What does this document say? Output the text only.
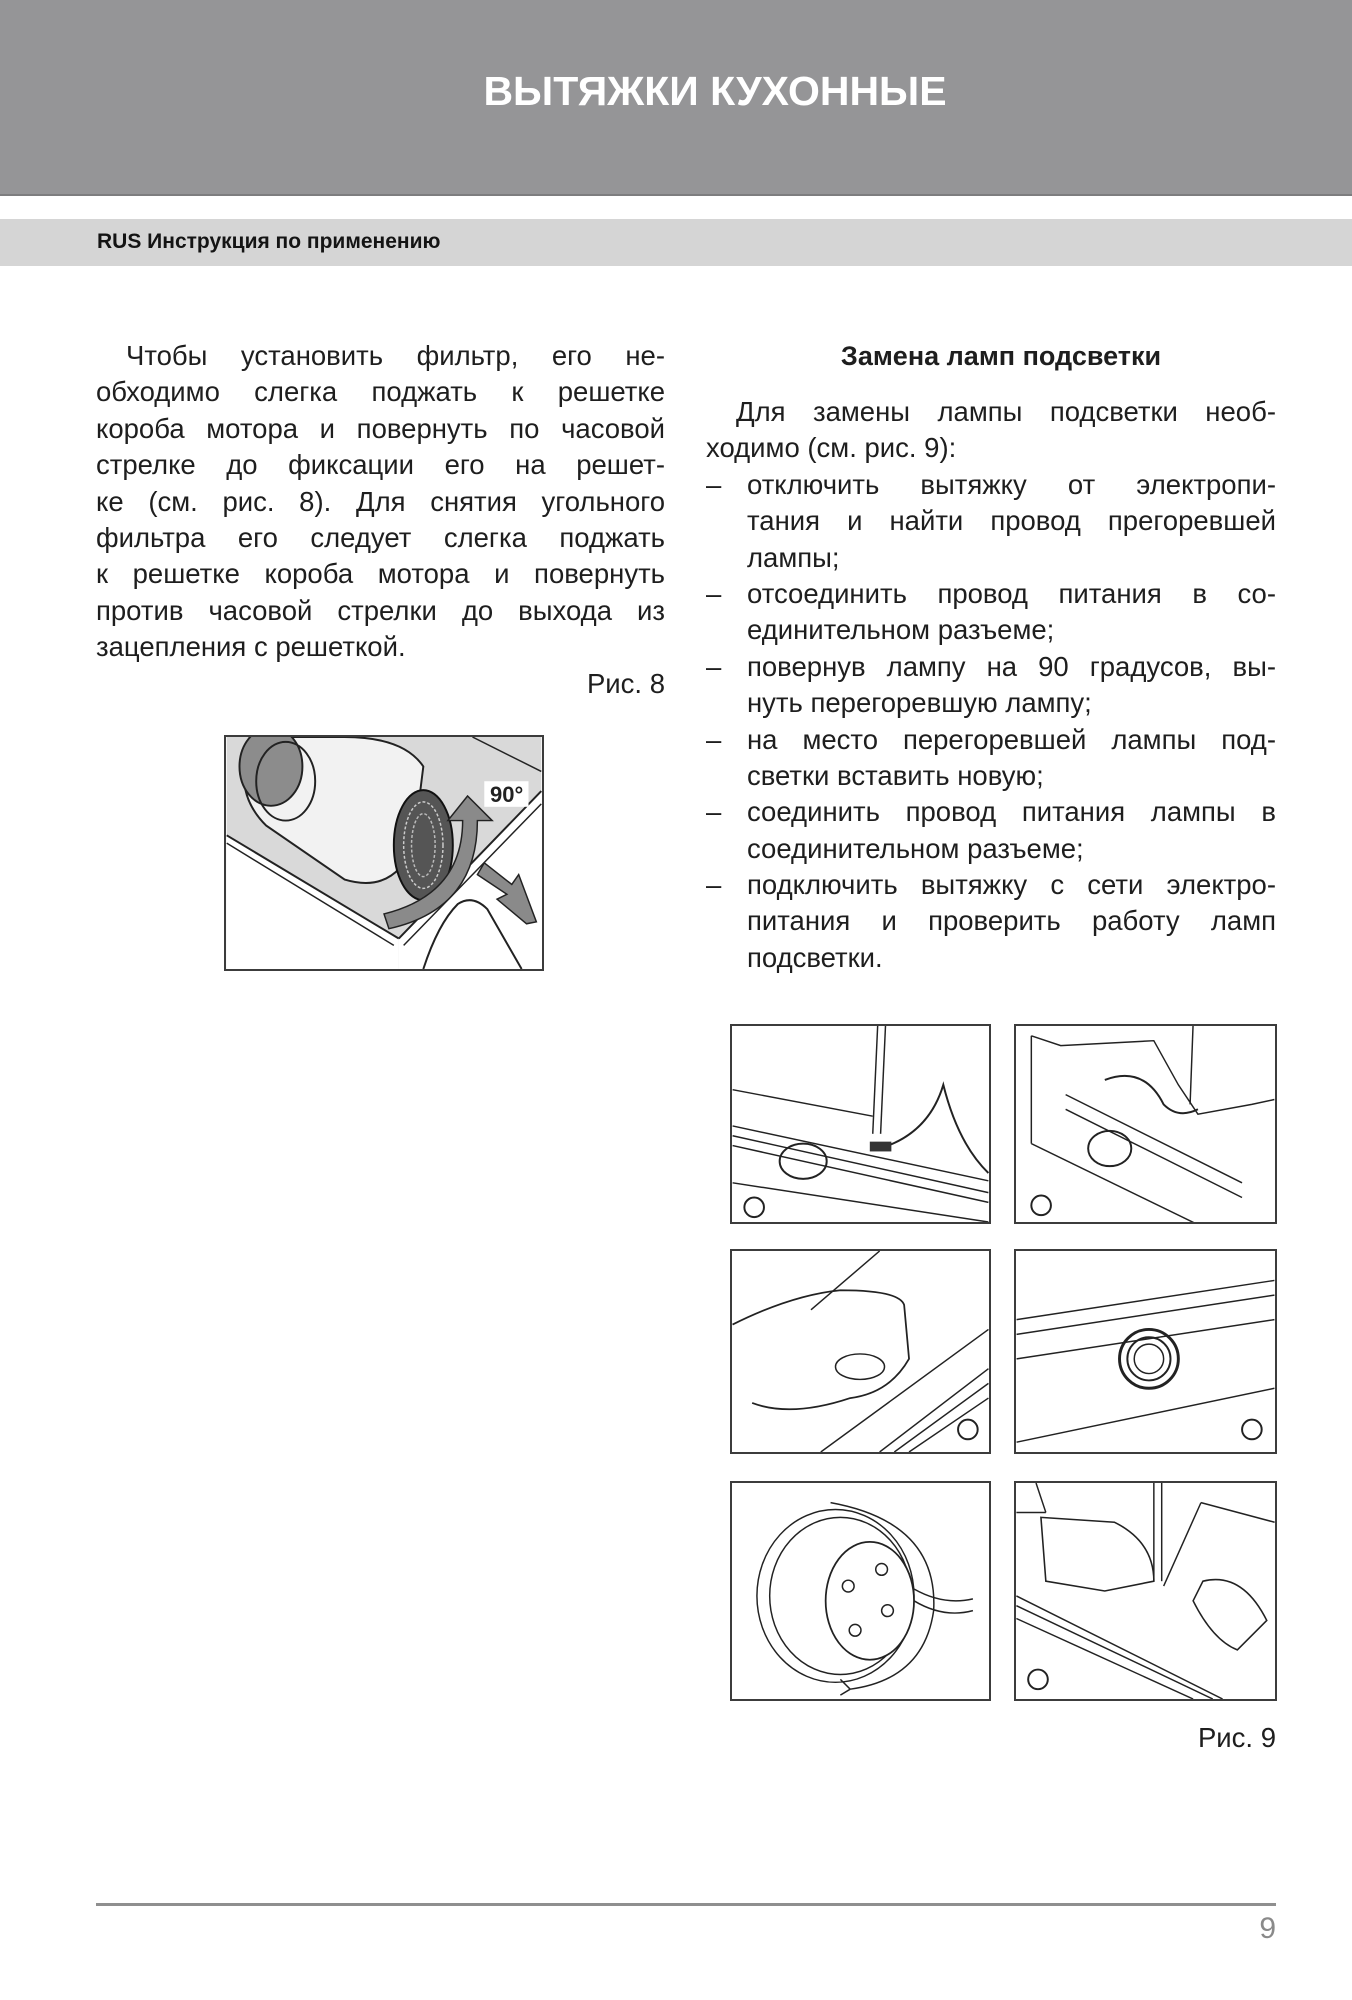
ВЫТЯЖКИ КУХОННЫЕ
RUS Инструкция по применению
Чтобы установить фильтр, его не-
обходимо слегка поджать к решетке
короба мотора и повернуть по часовой
стрелке до фиксации его на решет-
ке (см. рис. 8). Для снятия угольного
фильтра его следует слегка поджать
к решетке короба мотора и повернуть
против часовой стрелки до выхода из
зацепления с решеткой.
Рис. 8
90°
Замена ламп подсветки
Для замены лампы подсветки необ-
ходимо (см. рис. 9):
– отключить вытяжку от электропи-
тания и найти провод прегоревшей
лампы;
– отсоединить провод питания в со-
единительном разъеме;
– повернув лампу на 90 градусов, вы-
нуть перегоревшую лампу;
– на место перегоревшей лампы под-
светки вставить новую;
– соединить провод питания лампы в
соединительном разъеме;
– подключить вытяжку с сети электро-
питания и проверить работу ламп
подсветки.
Рис. 9
9
